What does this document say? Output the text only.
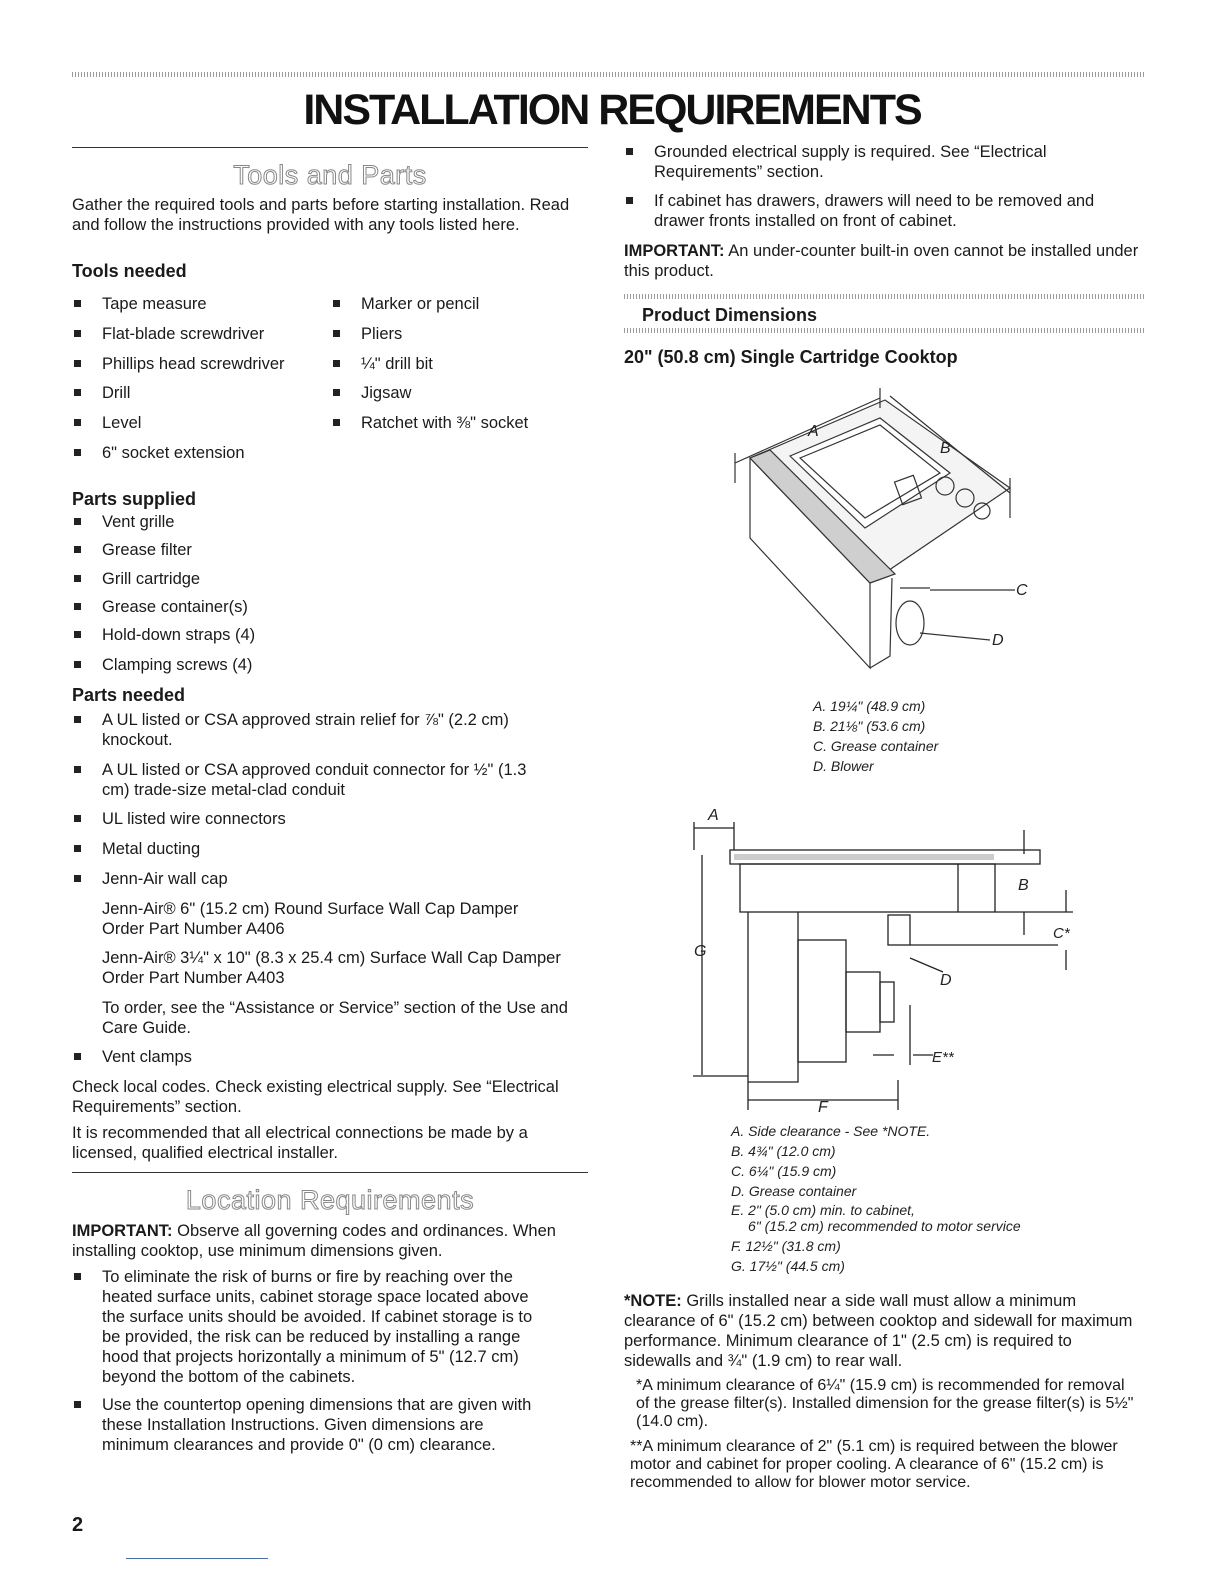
INSTALLATION REQUIREMENTS
Tools and Parts
Gather the required tools and parts before starting installation. Read and follow the instructions provided with any tools listed here.
Tools needed
Tape measure
Flat-blade screwdriver
Phillips head screwdriver
Drill
Level
6" socket extension
Marker or pencil
Pliers
¼" drill bit
Jigsaw
Ratchet with ⅜" socket
Parts supplied
Vent grille
Grease filter
Grill cartridge
Grease container(s)
Hold-down straps (4)
Clamping screws (4)
Parts needed
A UL listed or CSA approved strain relief for ⅞" (2.2 cm) knockout.
A UL listed or CSA approved conduit connector for ½" (1.3 cm) trade-size metal-clad conduit
UL listed wire connectors
Metal ducting
Jenn-Air wall cap
Jenn-Air® 6" (15.2 cm) Round Surface Wall Cap Damper Order Part Number A406
Jenn-Air® 3¼" x 10" (8.3 x 25.4 cm) Surface Wall Cap Damper Order Part Number A403
To order, see the “Assistance or Service” section of the Use and Care Guide.
Vent clamps
Check local codes. Check existing electrical supply. See “Electrical Requirements” section.
It is recommended that all electrical connections be made by a licensed, qualified electrical installer.
Location Requirements
IMPORTANT: Observe all governing codes and ordinances. When installing cooktop, use minimum dimensions given.
To eliminate the risk of burns or fire by reaching over the heated surface units, cabinet storage space located above the surface units should be avoided. If cabinet storage is to be provided, the risk can be reduced by installing a range hood that projects horizontally a minimum of 5" (12.7 cm) beyond the bottom of the cabinets.
Use the countertop opening dimensions that are given with these Installation Instructions. Given dimensions are minimum clearances and provide 0" (0 cm) clearance.
2
Grounded electrical supply is required. See “Electrical Requirements” section.
If cabinet has drawers, drawers will need to be removed and drawer fronts installed on front of cabinet.
IMPORTANT: An under-counter built-in oven cannot be installed under this product.
Product Dimensions
20" (50.8 cm) Single Cartridge Cooktop
A
B
C
D
A. 19¼" (48.9 cm)
B. 21⅛" (53.6 cm)
C. Grease container
D. Blower
A
B
C*
D
E**
F
G
A. Side clearance - See *NOTE.
B. 4¾" (12.0 cm)
C. 6¼" (15.9 cm)
D. Grease container
E. 2" (5.0 cm) min. to cabinet,
6" (15.2 cm) recommended to motor service
F. 12½" (31.8 cm)
G. 17½" (44.5 cm)
*NOTE: Grills installed near a side wall must allow a minimum clearance of 6" (15.2 cm) between cooktop and sidewall for maximum performance. Minimum clearance of 1" (2.5 cm) is required to sidewalls and ¾" (1.9 cm) to rear wall.
*A minimum clearance of 6¼" (15.9 cm) is recommended for removal of the grease filter(s). Installed dimension for the grease filter(s) is 5½" (14.0 cm).
**A minimum clearance of 2" (5.1 cm) is required between the blower motor and cabinet for proper cooling. A clearance of 6" (15.2 cm) is recommended to allow for blower motor service.
